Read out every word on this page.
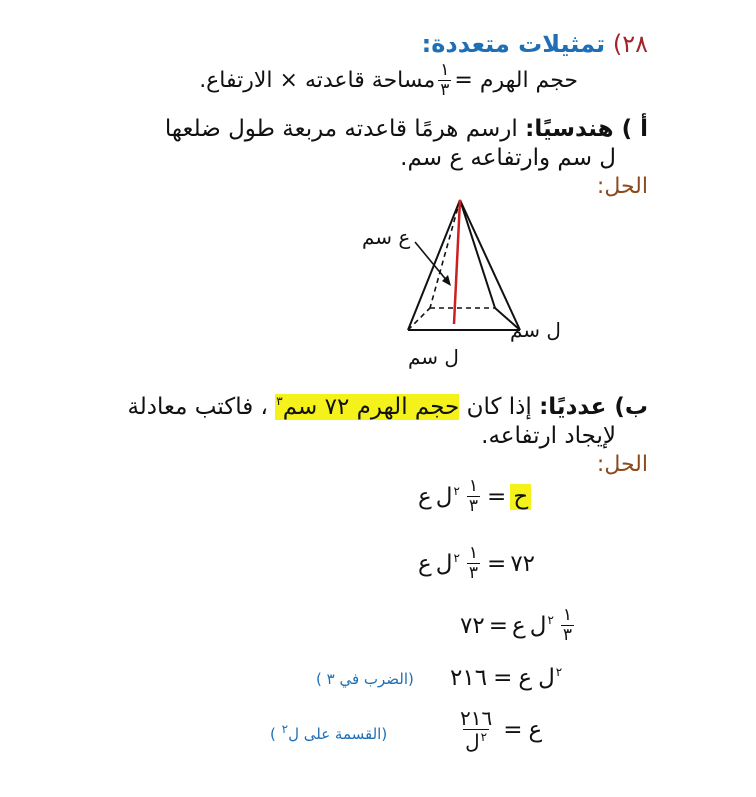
٢٨) تمثيلات متعددة:
حجم الهرم =
$\frac{١}{٣}$
مساحة قاعدته × الارتفاع.
أ ) هندسيًا: ارسم هرمًا قاعدته مربعة طول ضلعها
ل سم وارتفاعه ع سم.
الحل:
ع سم
ل سم
ل سم
ب) عدديًا: إذا كان حجم الهرم ٧٢ سم$^٣$ ، فاكتب معادلة
لإيجاد ارتفاعه.
الحل:
ع	$^٢$ل $\frac{١}{٣}$ = ح
ع	$^٢$ل $\frac{١}{٣}$ = ٧٢
٧٢ = ع	$^٢$ل $\frac{١}{٣}$
٢١٦ = ع	$^٢$ل
(الضرب في ٣ )
$\frac{٢١٦}{^٢ل}$ = ع
(القسمة على ل$^٢$ )
